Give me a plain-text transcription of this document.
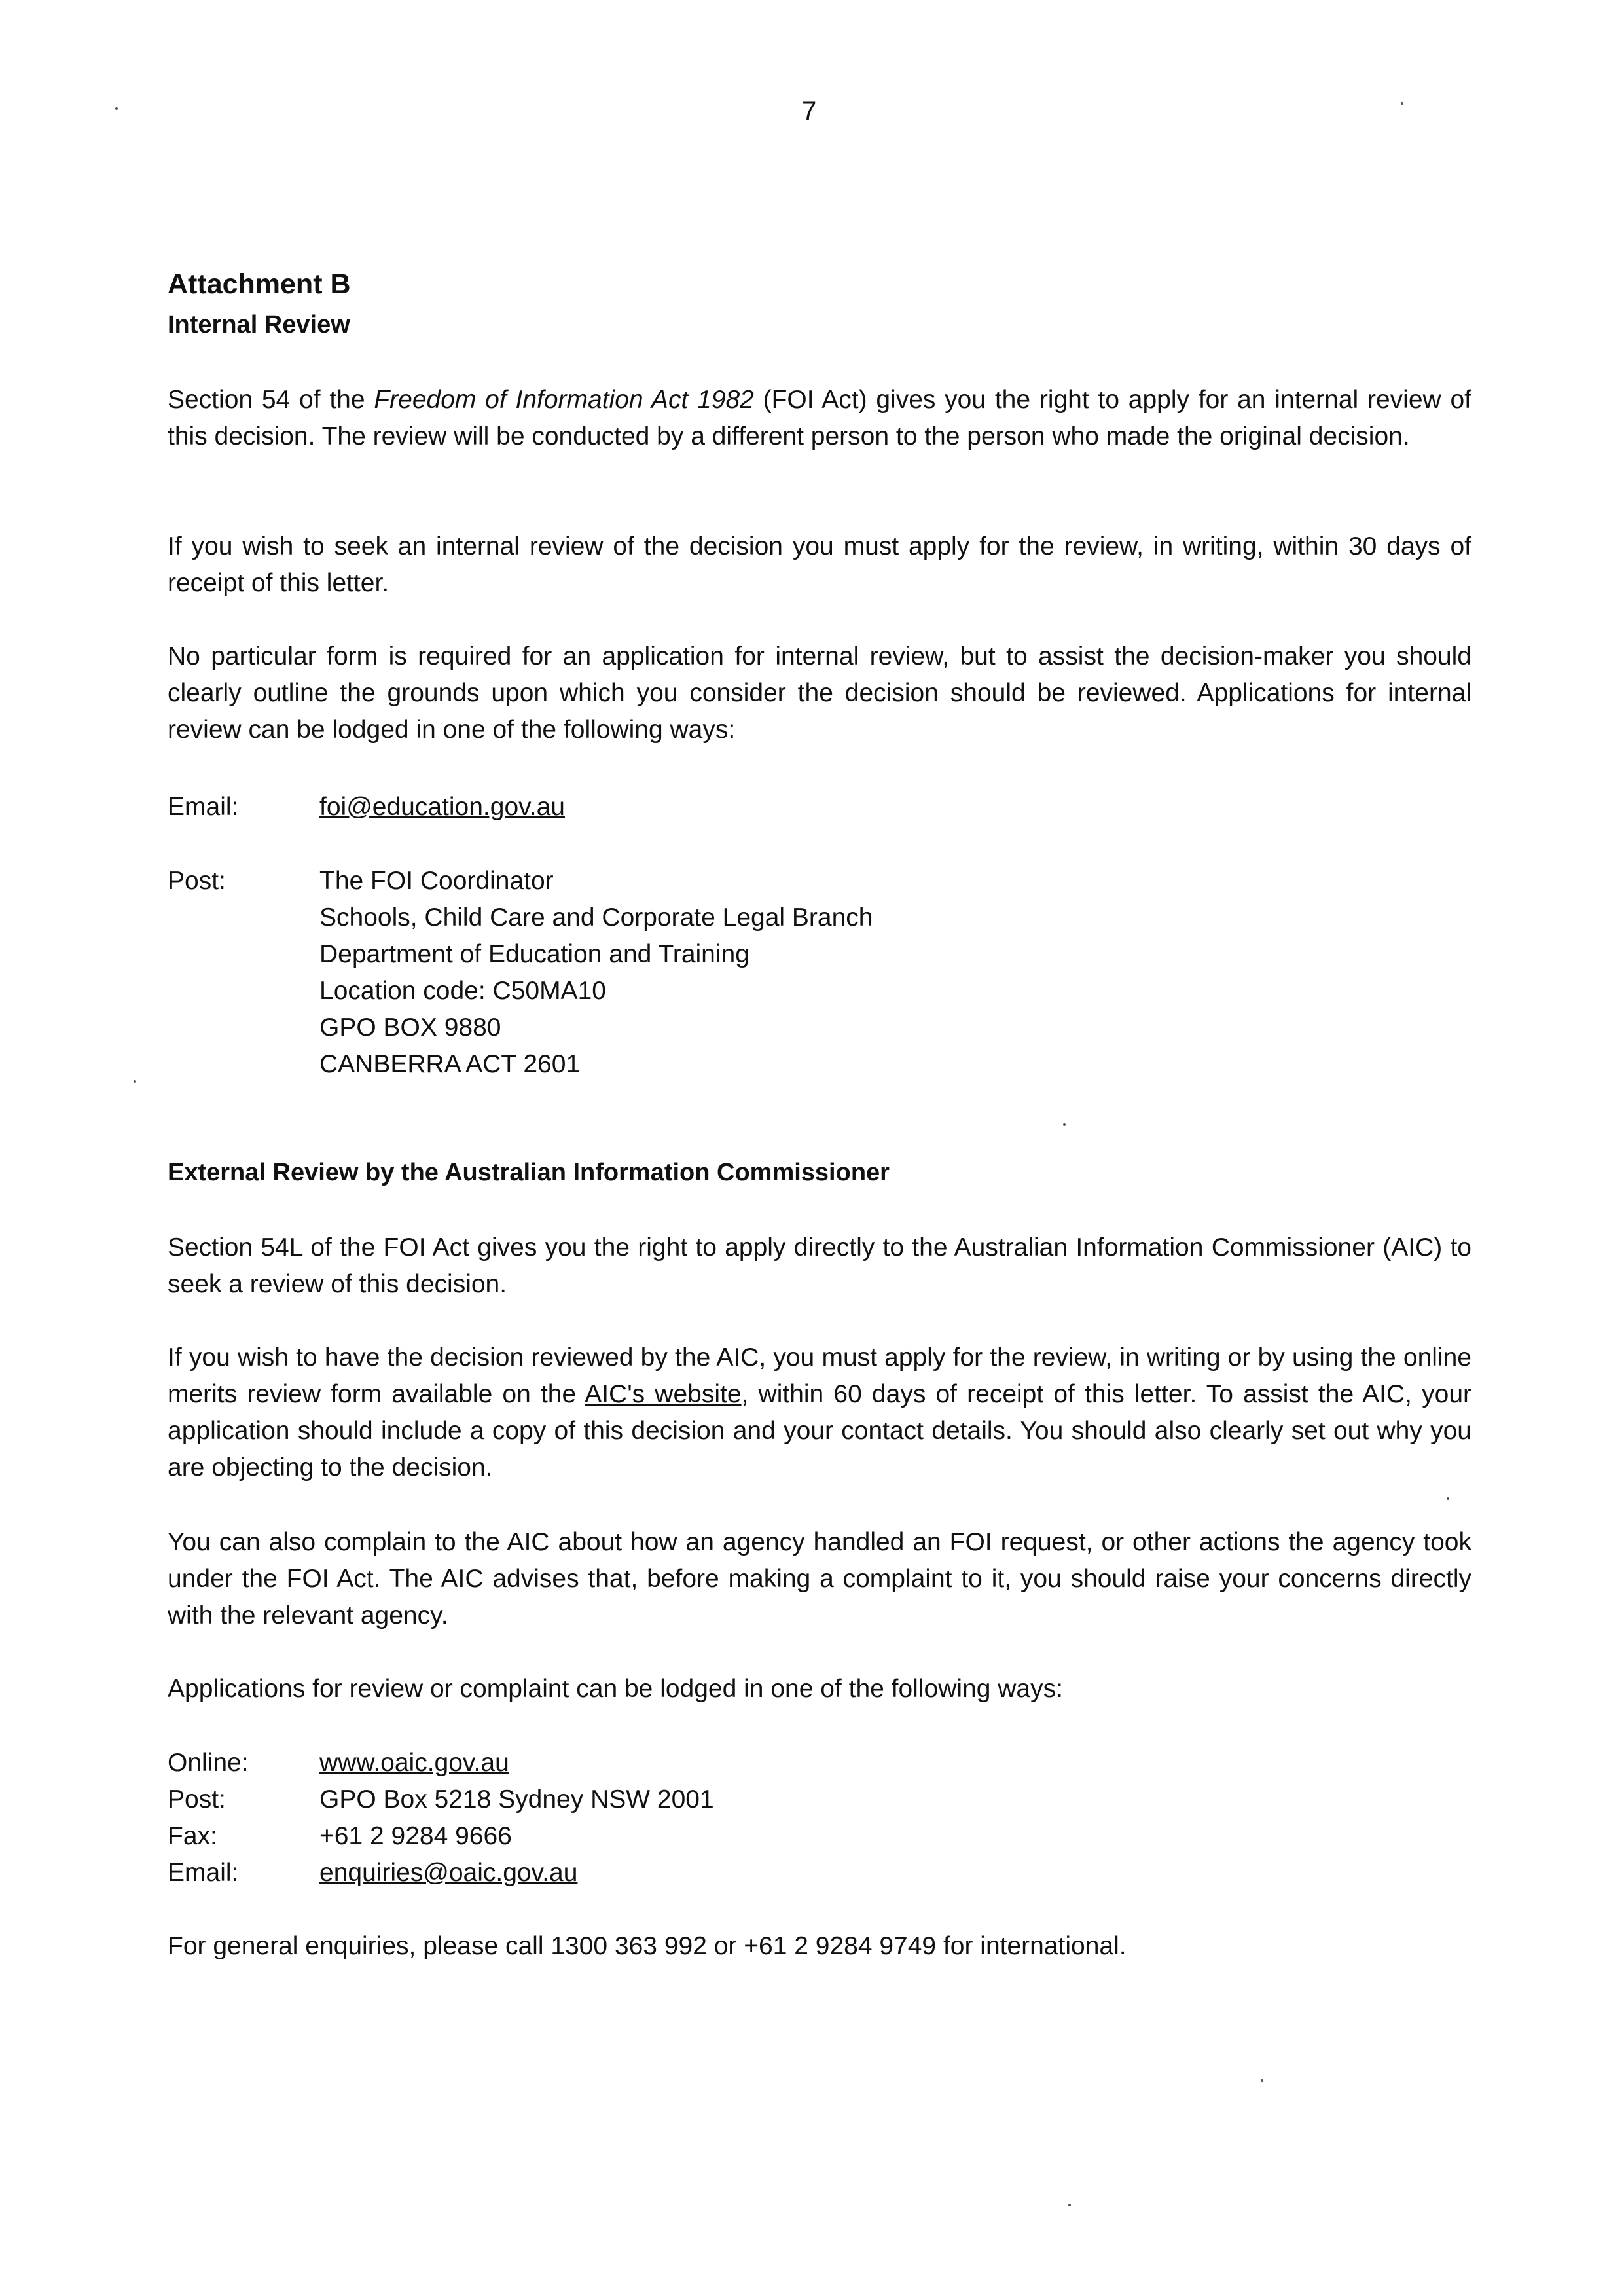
7
Attachment B
Internal Review

Section 54 of the Freedom of Information Act 1982 (FOI Act) gives you the right to apply for an internal review of this decision. The review will be conducted by a different person to the person who made the original decision.

If you wish to seek an internal review of the decision you must apply for the review, in writing, within 30 days of receipt of this letter.

No particular form is required for an application for internal review, but to assist the decision-maker you should clearly outline the grounds upon which you consider the decision should be reviewed. Applications for internal review can be lodged in one of the following ways:

Email:	foi@education.gov.au
Post:	The FOI Coordinator
Schools, Child Care and Corporate Legal Branch
Department of Education and Training
Location code: C50MA10
GPO BOX 9880
CANBERRA ACT 2601
External Review by the Australian Information Commissioner

Section 54L of the FOI Act gives you the right to apply directly to the Australian Information Commissioner (AIC) to seek a review of this decision.

If you wish to have the decision reviewed by the AIC, you must apply for the review, in writing or by using the online merits review form available on the AIC's website, within 60 days of receipt of this letter. To assist the AIC, your application should include a copy of this decision and your contact details. You should also clearly set out why you are objecting to the decision.

You can also complain to the AIC about how an agency handled an FOI request, or other actions the agency took under the FOI Act. The AIC advises that, before making a complaint to it, you should raise your concerns directly with the relevant agency.

Applications for review or complaint can be lodged in one of the following ways:

Online:	www.oaic.gov.au
Post:	GPO Box 5218 Sydney NSW 2001
Fax:	+61 2 9284 9666
Email:	enquiries@oaic.gov.au

For general enquiries, please call 1300 363 992 or +61 2 9284 9749 for international.
